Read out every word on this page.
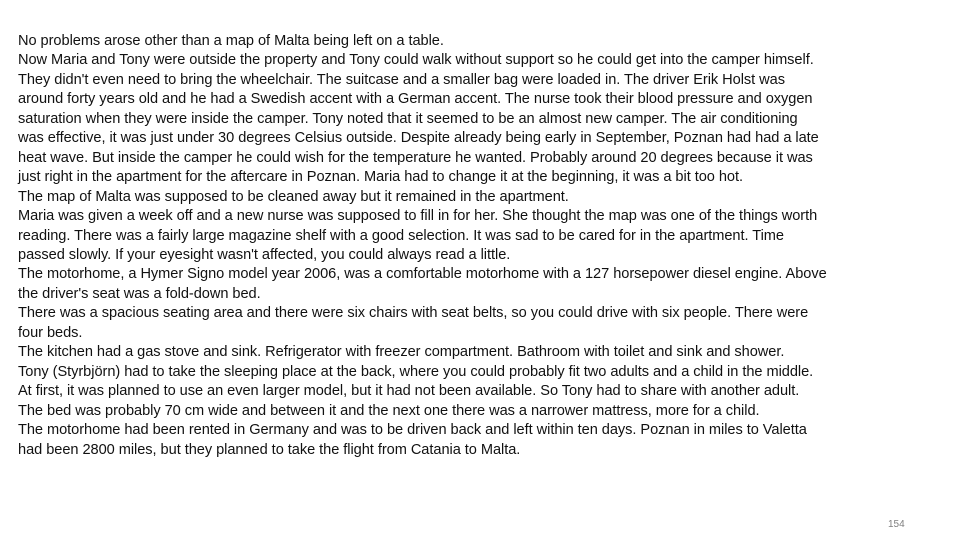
No problems arose other than a map of Malta being left on a table.
Now Maria and Tony were outside the property and Tony could walk without support so he could get into the camper himself.
They didn't even need to bring the wheelchair. The suitcase and a smaller bag were loaded in. The driver Erik Holst was
around forty years old and he had a Swedish accent with a German accent. The nurse took their blood pressure and oxygen
saturation when they were inside the camper. Tony noted that it seemed to be an almost new camper. The air conditioning
was effective, it was just under 30 degrees Celsius outside. Despite already being early in September, Poznan had had a late
heat wave. But inside the camper he could wish for the temperature he wanted. Probably around 20 degrees because it was
just right in the apartment for the aftercare in Poznan. Maria had to change it at the beginning, it was a bit too hot.
The map of Malta was supposed to be cleaned away but it remained in the apartment.
Maria was given a week off and a new nurse was supposed to fill in for her. She thought the map was one of the things worth
reading. There was a fairly large magazine shelf with a good selection. It was sad to be cared for in the apartment. Time
passed slowly. If your eyesight wasn't affected, you could always read a little.
The motorhome, a Hymer Signo model year 2006, was a comfortable motorhome with a 127 horsepower diesel engine. Above
the driver's seat was a fold-down bed.
There was a spacious seating area and there were six chairs with seat belts, so you could drive with six people. There were
four beds.
The kitchen had a gas stove and sink. Refrigerator with freezer compartment. Bathroom with toilet and sink and shower.
Tony (Styrbjörn) had to take the sleeping place at the back, where you could probably fit two adults and a child in the middle.
At first, it was planned to use an even larger model, but it had not been available. So Tony had to share with another adult.
The bed was probably 70 cm wide and between it and the next one there was a narrower mattress, more for a child.
The motorhome had been rented in Germany and was to be driven back and left within ten days. Poznan in miles to Valetta
had been 2800 miles, but they planned to take the flight from Catania to Malta.
154
